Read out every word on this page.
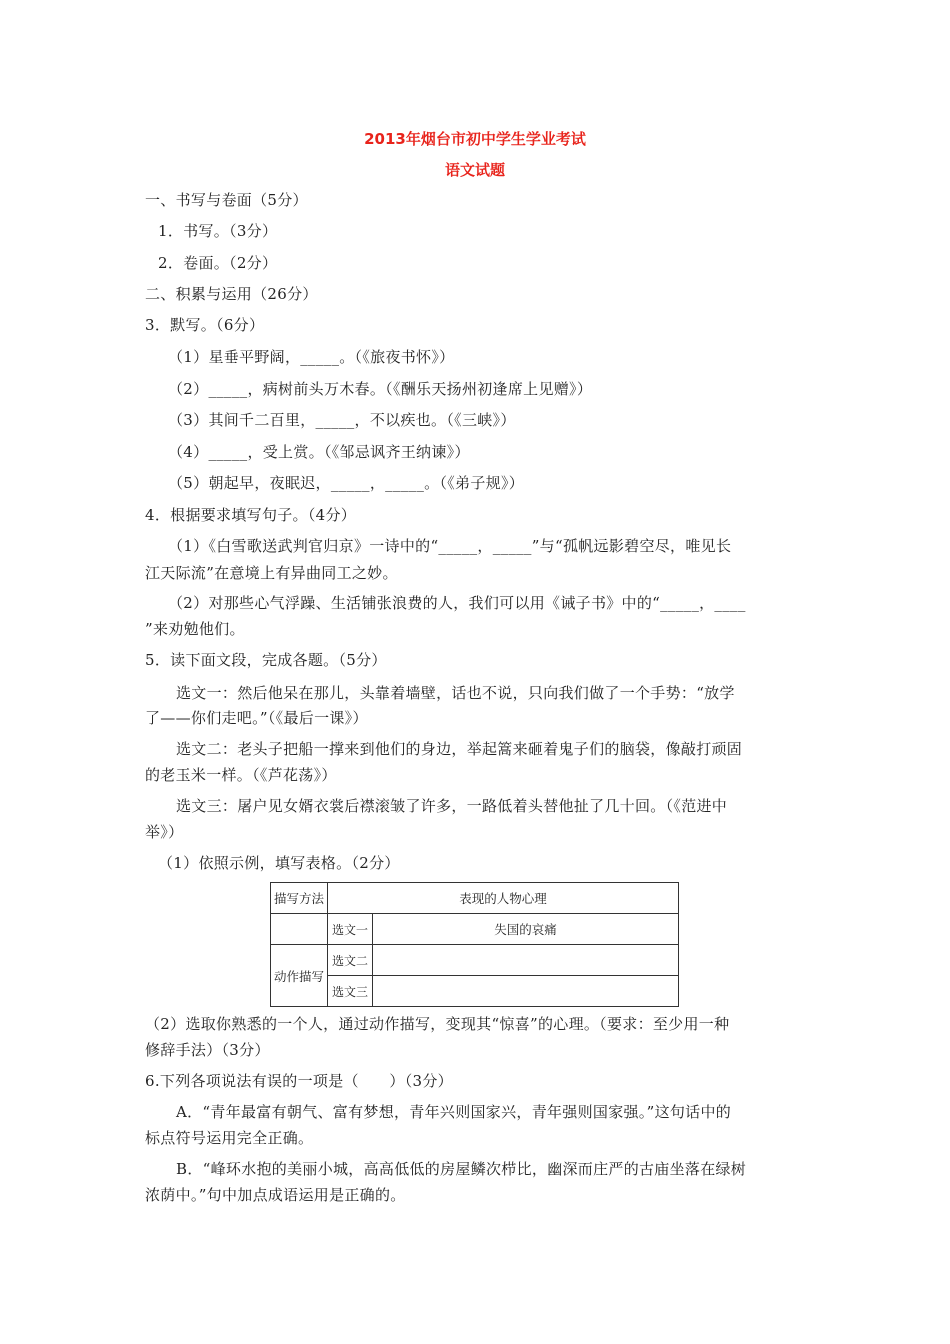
2013年烟台市初中学生学业考试
语文试题
一、书写与卷面（5分）
1．书写。（3分）
2．卷面。（2分）
二、积累与运用（26分）
3．默写。（6分）
（1）星垂平野阔，_____。（《旅夜书怀》）
（2）_____，病树前头万木春。（《酬乐天扬州初逢席上见赠》）
（3）其间千二百里，_____，不以疾也。（《三峡》）
（4）_____，受上赏。（《邹忌讽齐王纳谏》）
（5）朝起早，夜眠迟，_____，_____。（《弟子规》）
4．根据要求填写句子。（4分）
（1）《白雪歌送武判官归京》一诗中的“_____，_____”与“孤帆远影碧空尽，唯见长
江天际流”在意境上有异曲同工之妙。
（2）对那些心气浮躁、生活铺张浪费的人，我们可以用《诫子书》中的“_____，____
”来劝勉他们。
5．读下面文段，完成各题。（5分）
选文一：然后他呆在那儿，头靠着墙壁，话也不说，只向我们做了一个手势：“放学
了——你们走吧。”（《最后一课》）
选文二：老头子把船一撑来到他们的身边，举起篙来砸着鬼子们的脑袋，像敲打顽固
的老玉米一样。（《芦花荡》）
选文三：屠户见女婿衣裳后襟滚皱了许多，一路低着头替他扯了几十回。（《范进中
举》）
（1）依照示例，填写表格。（2分）
描写方法	表现的人物心理	
	选文一	失国的哀痛
动作描写	选文二	
	选文三	
（2）选取你熟悉的一个人，通过动作描写，变现其“惊喜”的心理。（要求：至少用一种
修辞手法）（3分）
6.下列各项说法有误的一项是（　　）（3分）
A．“青年最富有朝气、富有梦想，青年兴则国家兴，青年强则国家强。”这句话中的
标点符号运用完全正确。
B．“峰环水抱的美丽小城，高高低低的房屋鳞次栉比，幽深而庄严的古庙坐落在绿树
浓荫中。”句中加点成语运用是正确的。
